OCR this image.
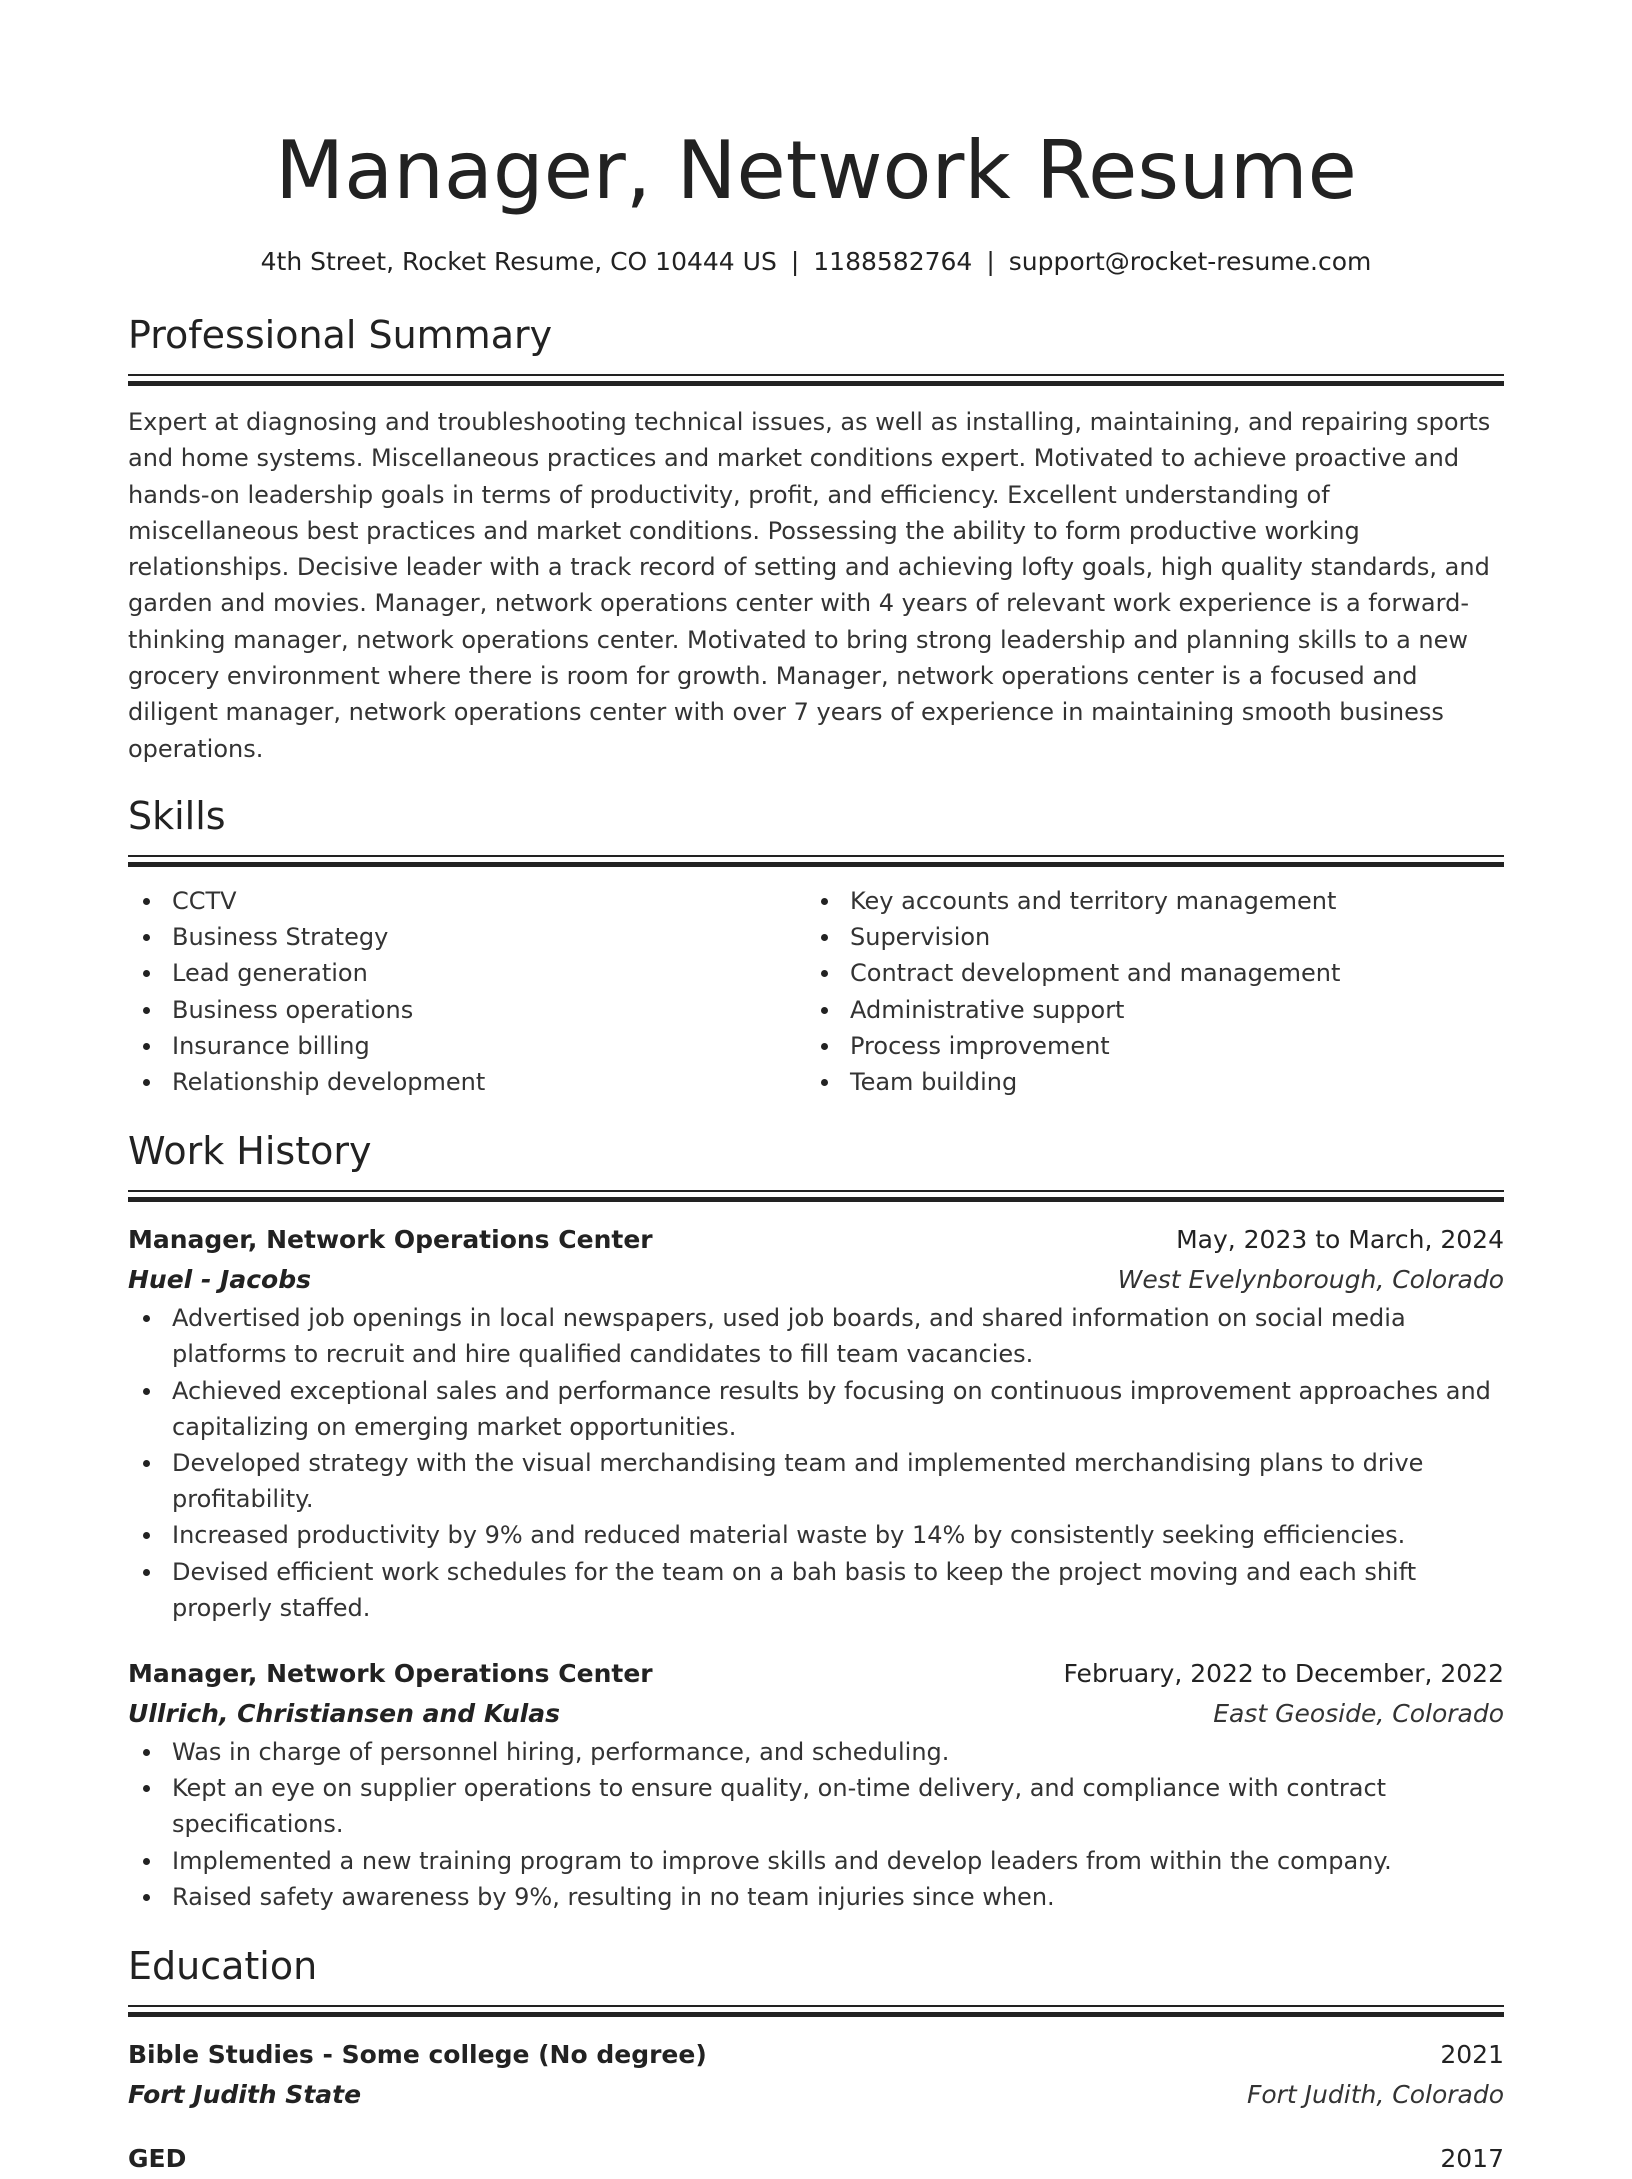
Manager, Network Resume
4th Street, Rocket Resume, CO 10444 US | 1188582764 | support@rocket-resume.com
Professional Summary

Expert at diagnosing and troubleshooting technical issues, as well as installing, maintaining, and repairing sports and home systems. Miscellaneous practices and market conditions expert. Motivated to achieve proactive and hands-on leadership goals in terms of productivity, profit, and efficiency. Excellent understanding of miscellaneous best practices and market conditions. Possessing the ability to form productive working relationships. Decisive leader with a track record of setting and achieving lofty goals, high quality standards, and garden and movies. Manager, network operations center with 4 years of relevant work experience is a forward-thinking manager, network operations center. Motivated to bring strong leadership and planning skills to a new grocery environment where there is room for growth. Manager, network operations center is a focused and diligent manager, network operations center with over 7 years of experience in maintaining smooth business operations.

Skills
CCTV
Business Strategy
Lead generation
Business operations
Insurance billing
Relationship development
Key accounts and territory management
Supervision
Contract development and management
Administrative support
Process improvement
Team building
Work History
Manager, Network Operations Center	May, 2023 to March, 2024
Huel - Jacobs	West Evelynborough, Colorado
Advertised job openings in local newspapers, used job boards, and shared information on social media platforms to recruit and hire qualified candidates to fill team vacancies.
Achieved exceptional sales and performance results by focusing on continuous improvement approaches and capitalizing on emerging market opportunities.
Developed strategy with the visual merchandising team and implemented merchandising plans to drive profitability.
Increased productivity by 9% and reduced material waste by 14% by consistently seeking efficiencies.
Devised efficient work schedules for the team on a bah basis to keep the project moving and each shift properly staffed.
Manager, Network Operations Center	February, 2022 to December, 2022
Ullrich, Christiansen and Kulas	East Geoside, Colorado
Was in charge of personnel hiring, performance, and scheduling.
Kept an eye on supplier operations to ensure quality, on-time delivery, and compliance with contract specifications.
Implemented a new training program to improve skills and develop leaders from within the company.
Raised safety awareness by 9%, resulting in no team injuries since when.
Education
Bible Studies - Some college (No degree)	2021
Fort Judith State	Fort Judith, Colorado
GED	2017
